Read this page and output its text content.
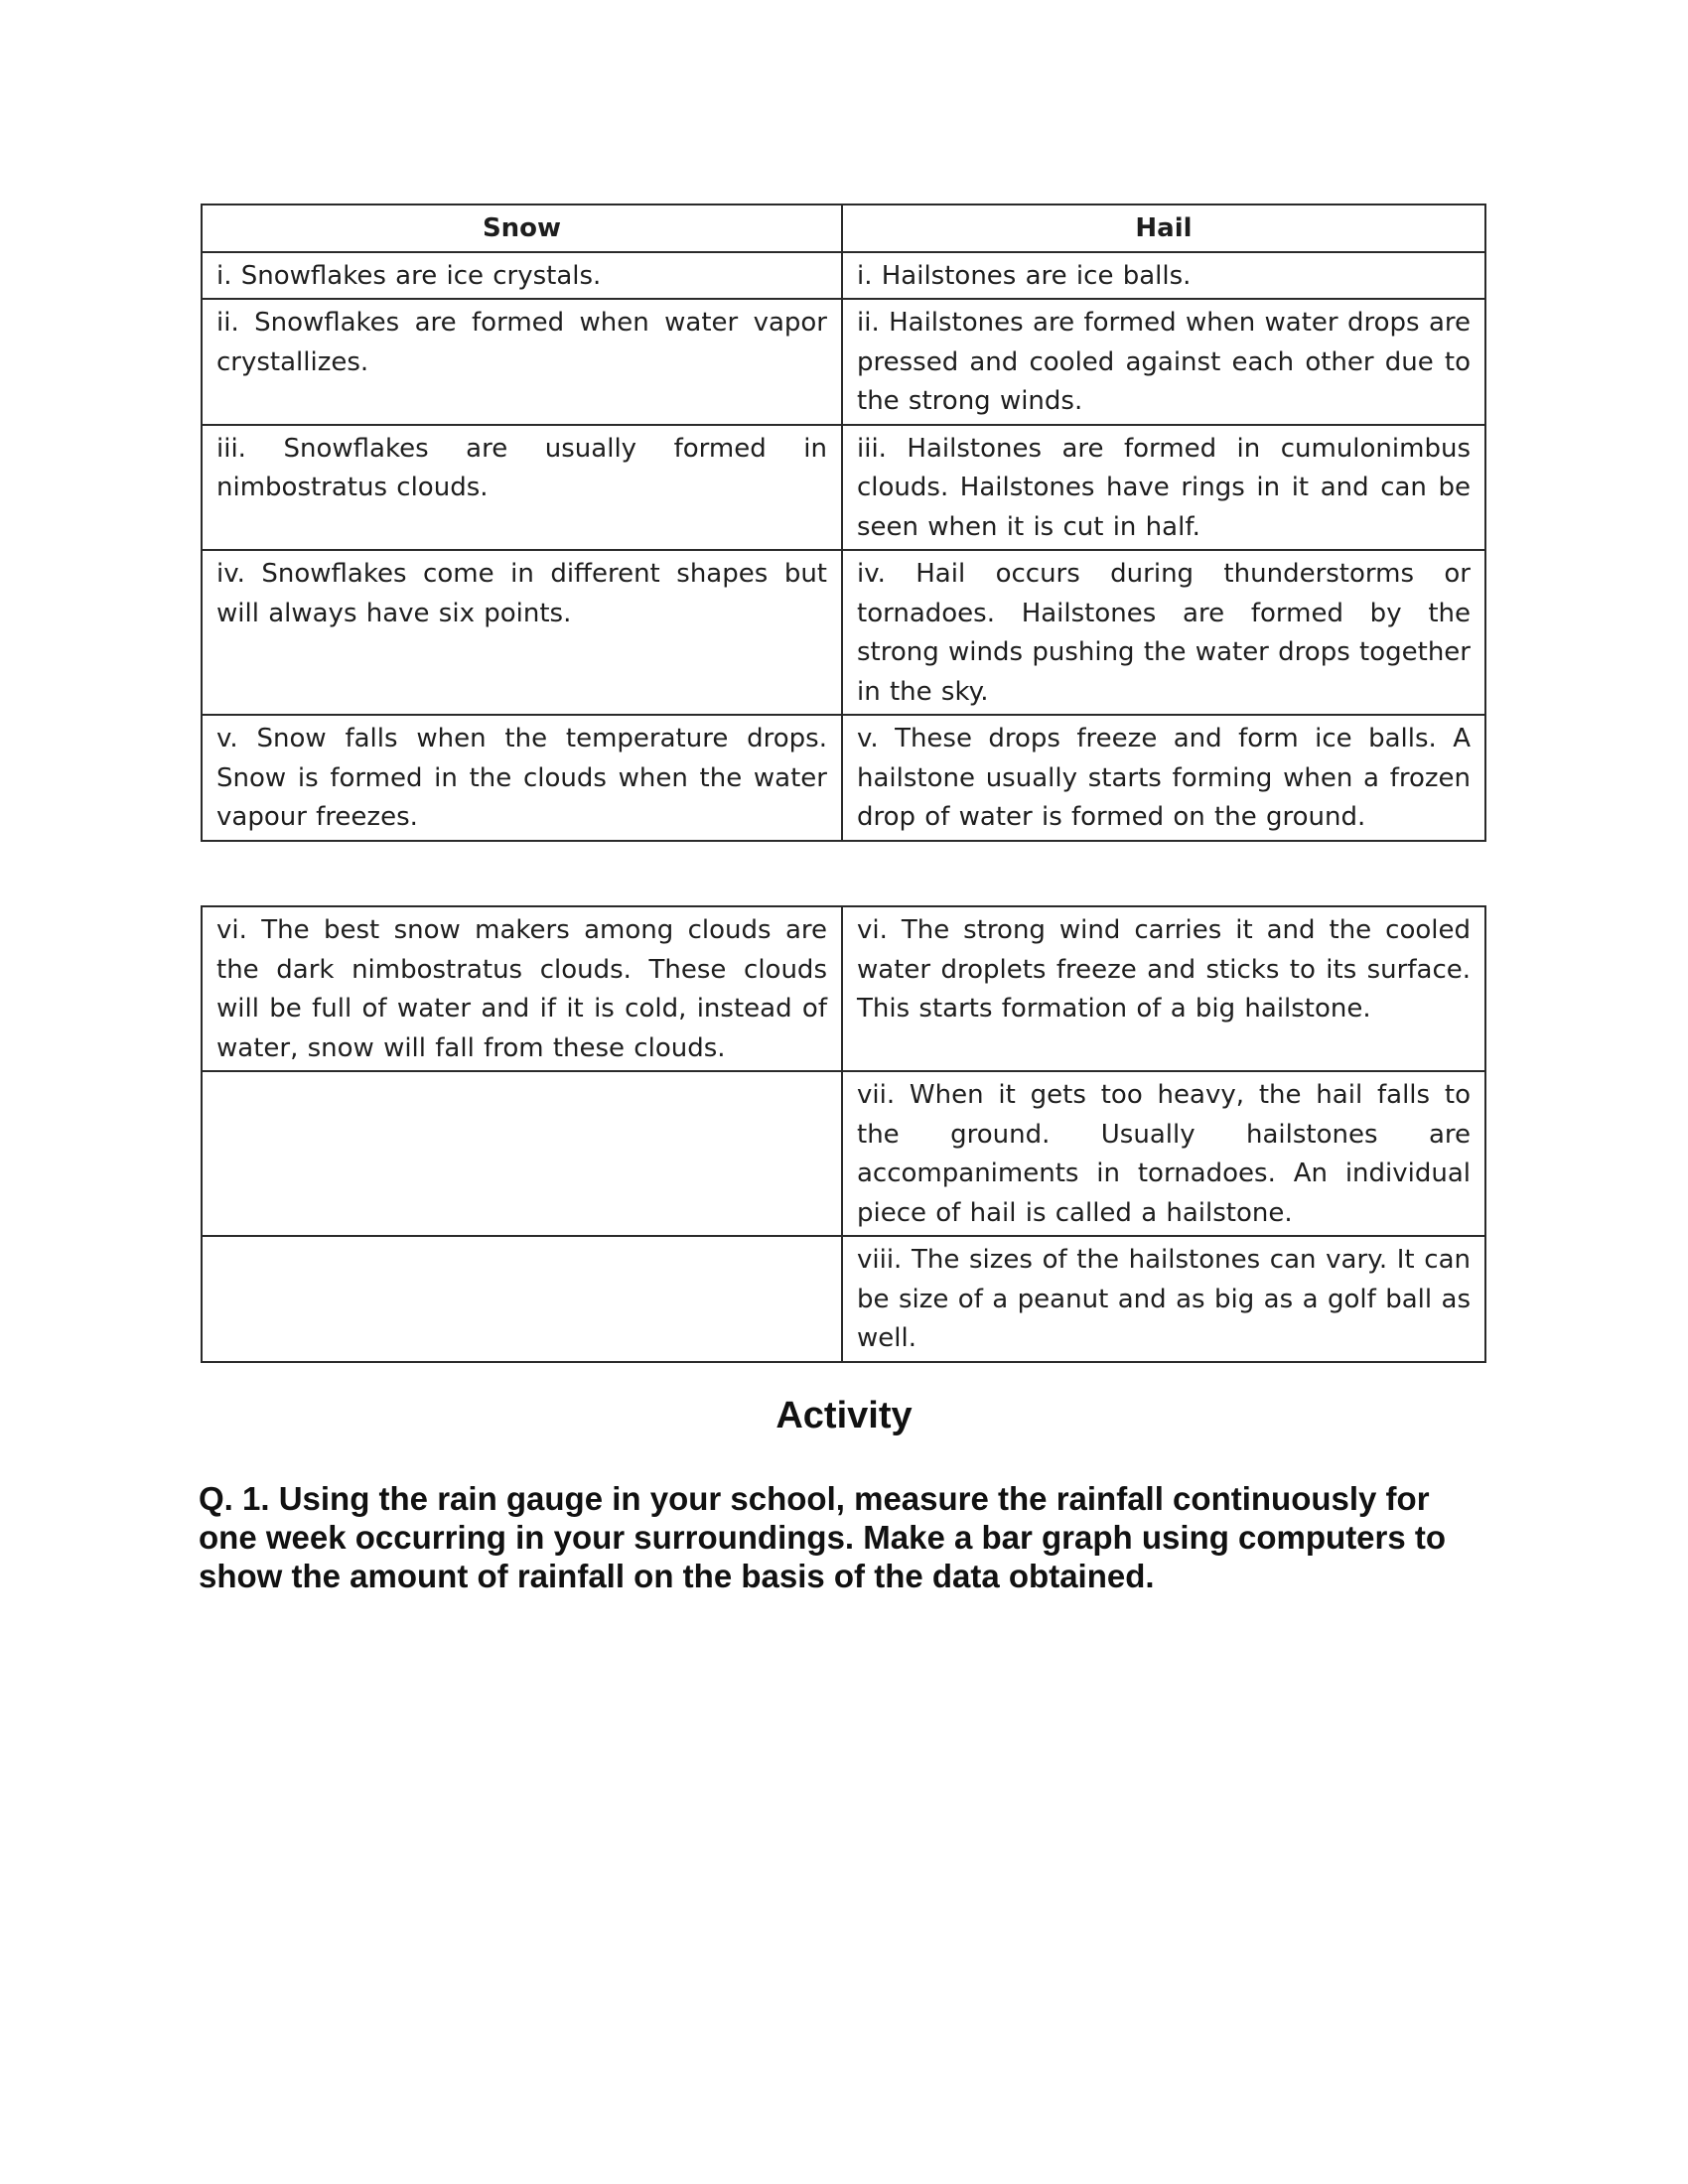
Snow	Hail
i. Snowflakes are ice crystals.	i. Hailstones are ice balls.
ii. Snowflakes are formed when water vapor crystallizes.	ii. Hailstones are formed when water drops are pressed and cooled against each other due to the strong winds.
iii. Snowflakes are usually formed in nimbostratus clouds.	iii. Hailstones are formed in cumulonimbus clouds. Hailstones have rings in it and can be seen when it is cut in half.
iv. Snowflakes come in different shapes but will always have six points.	iv. Hail occurs during thunderstorms or tornadoes. Hailstones are formed by the strong winds pushing the water drops together in the sky.
v. Snow falls when the temperature drops. Snow is formed in the clouds when the water vapour freezes.	v. These drops freeze and form ice balls. A hailstone usually starts forming when a frozen drop of water is formed on the ground.
vi. The best snow makers among clouds are the dark nimbostratus clouds. These clouds will be full of water and if it is cold, instead of water, snow will fall from these clouds.	vi. The strong wind carries it and the cooled water droplets freeze and sticks to its surface. This starts formation of a big hailstone.
	vii. When it gets too heavy, the hail falls to the ground. Usually hailstones are accompaniments in tornadoes. An individual piece of hail is called a hailstone.
	viii. The sizes of the hailstones can vary. It can be size of a peanut and as big as a golf ball as well.
Activity

Q. 1. Using the rain gauge in your school, measure the rainfall continuously for one week occurring in your surroundings. Make a bar graph using computers to show the amount of rainfall on the basis of the data obtained.
